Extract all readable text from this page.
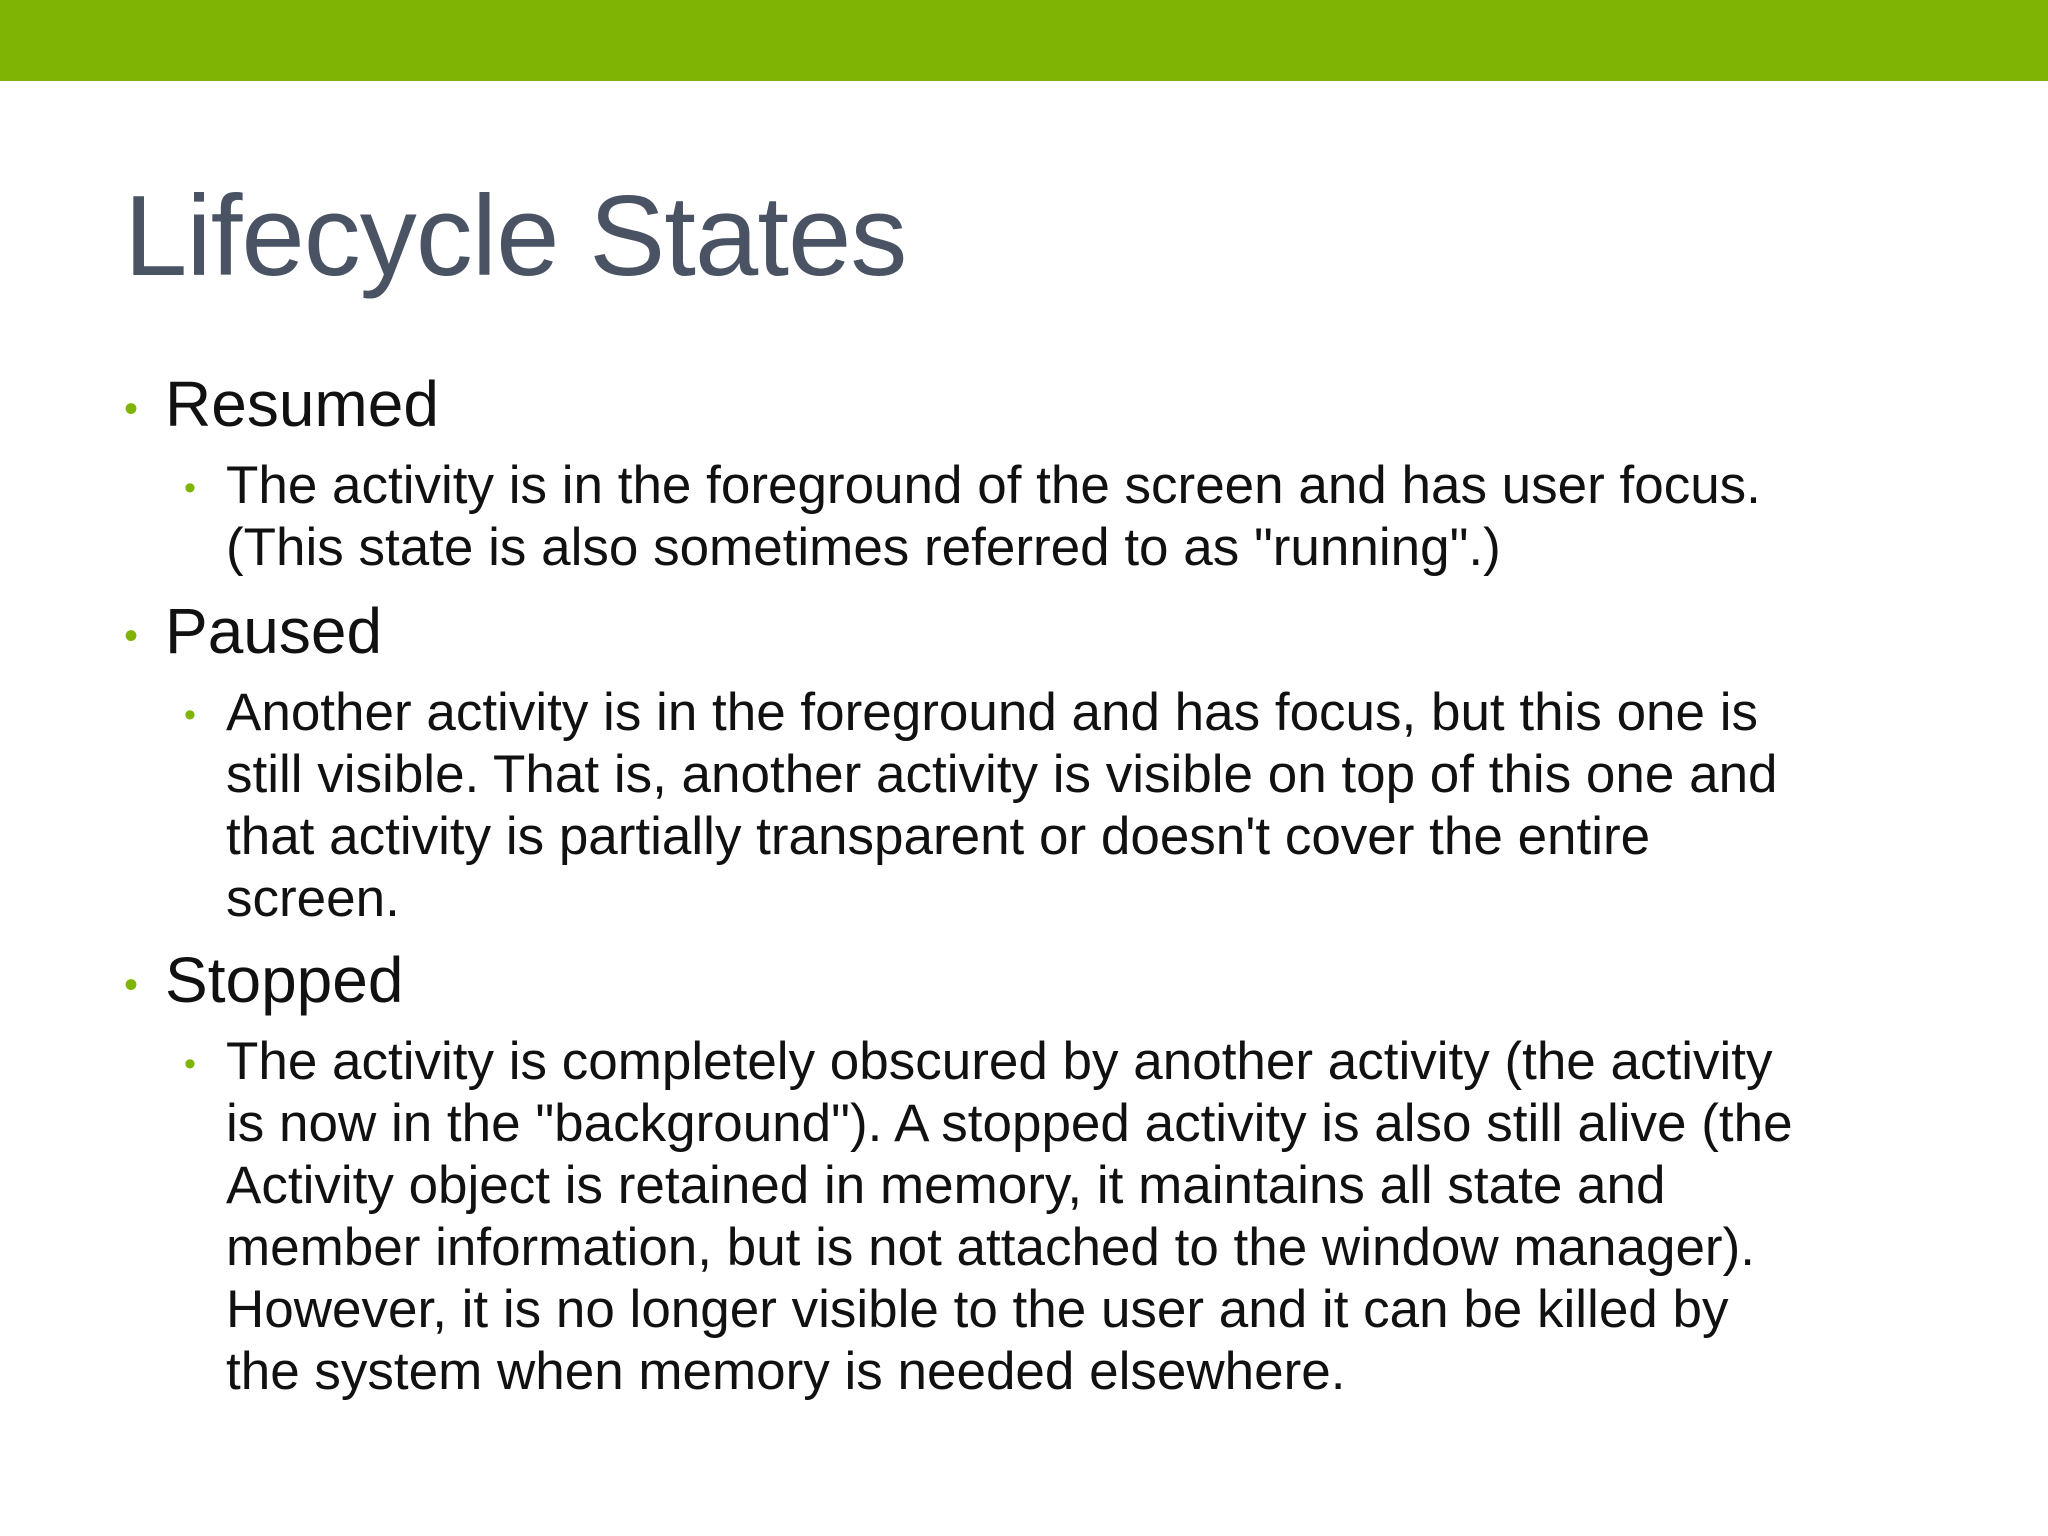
Lifecycle States
• Resumed
• The activity is in the foreground of the screen and has user focus.
(This state is also sometimes referred to as "running".)
• Paused
• Another activity is in the foreground and has focus, but this one is
still visible. That is, another activity is visible on top of this one and
that activity is partially transparent or doesn't cover the entire
screen.
• Stopped
• The activity is completely obscured by another activity (the activity
is now in the "background"). A stopped activity is also still alive (the
Activity object is retained in memory, it maintains all state and
member information, but is not attached to the window manager).
However, it is no longer visible to the user and it can be killed by
the system when memory is needed elsewhere.
